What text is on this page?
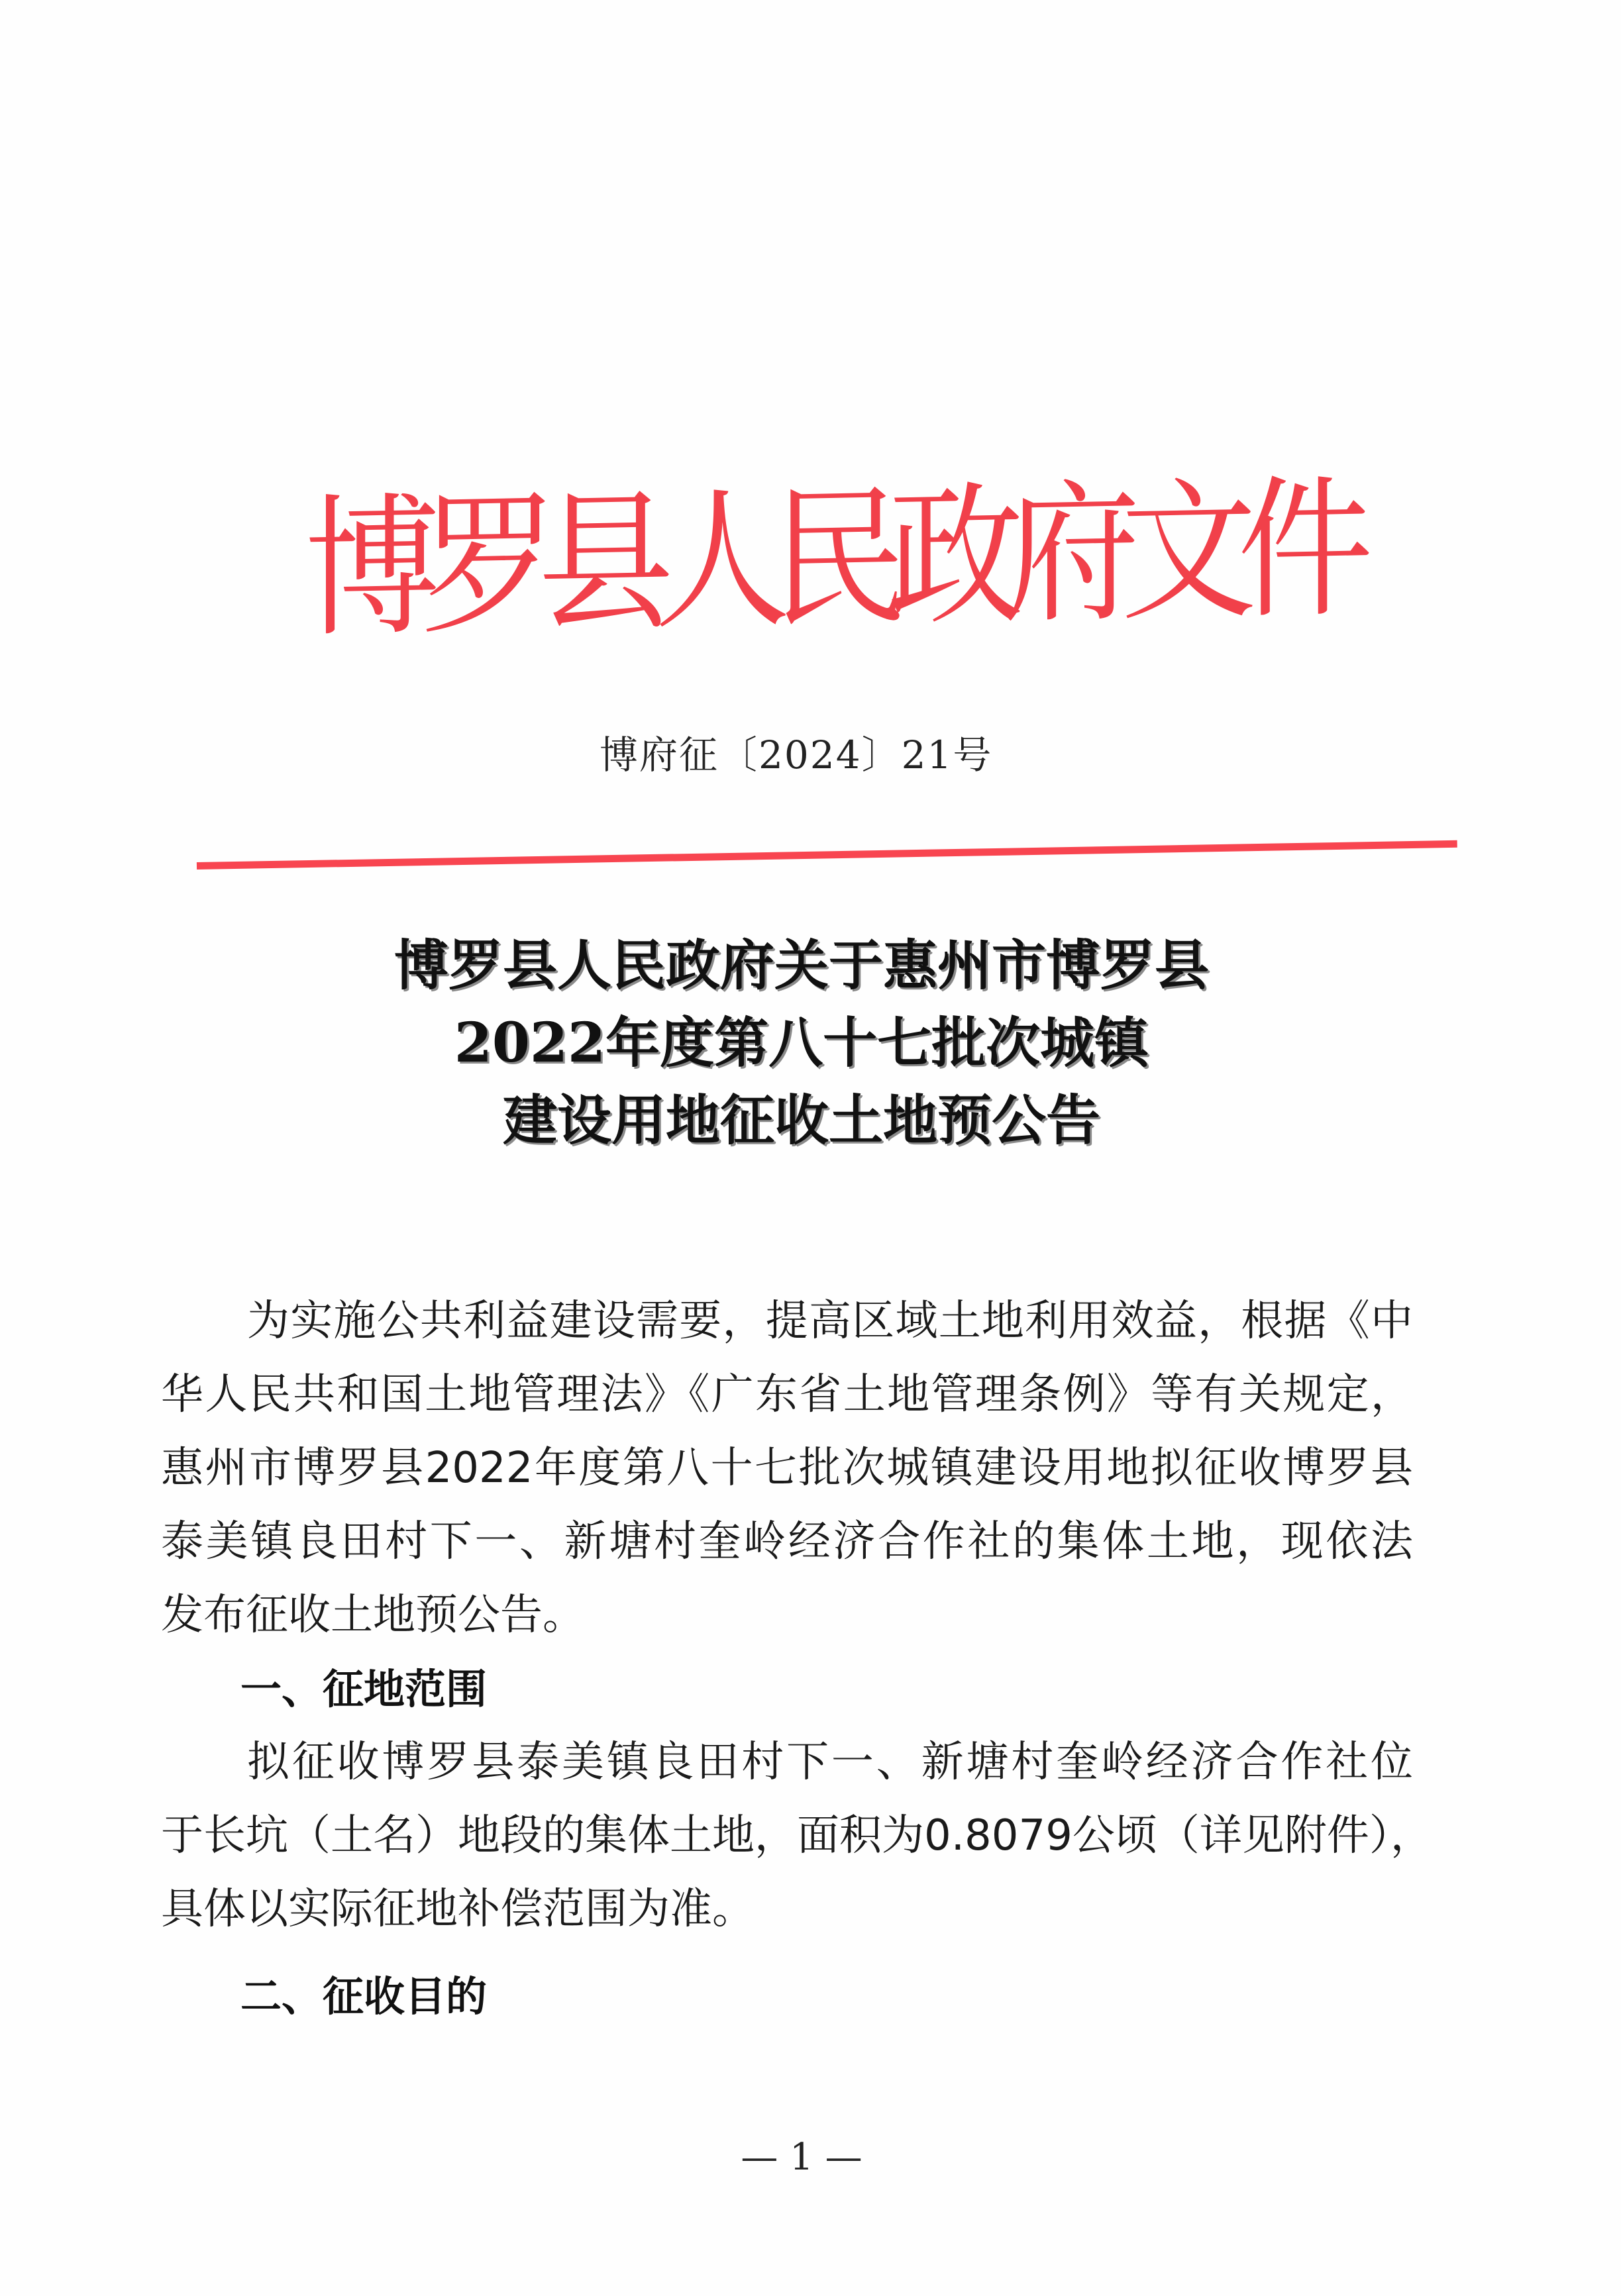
博
罗
县
人
民
政
府
文
件
博府征〔2024〕21号
博罗县人民政府关于惠州市博罗县
2022年度第八十七批次城镇
建设用地征收土地预公告

为实施公共利益建设需要，提高区域土地利用效益，根据《中
华人民共和国土地管理法》《广东省土地管理条例》等有关规定，
惠州市博罗县2022年度第八十七批次城镇建设用地拟征收博罗县
泰美镇良田村下一、新塘村奎岭经济合作社的集体土地，现依法
发布征收土地预公告。

一、征地范围

拟征收博罗县泰美镇良田村下一、新塘村奎岭经济合作社位
于长坑（土名）地段的集体土地，面积为0.8079公顷（详见附件），
具体以实际征地补偿范围为准。

二、征收目的
— 1 —
